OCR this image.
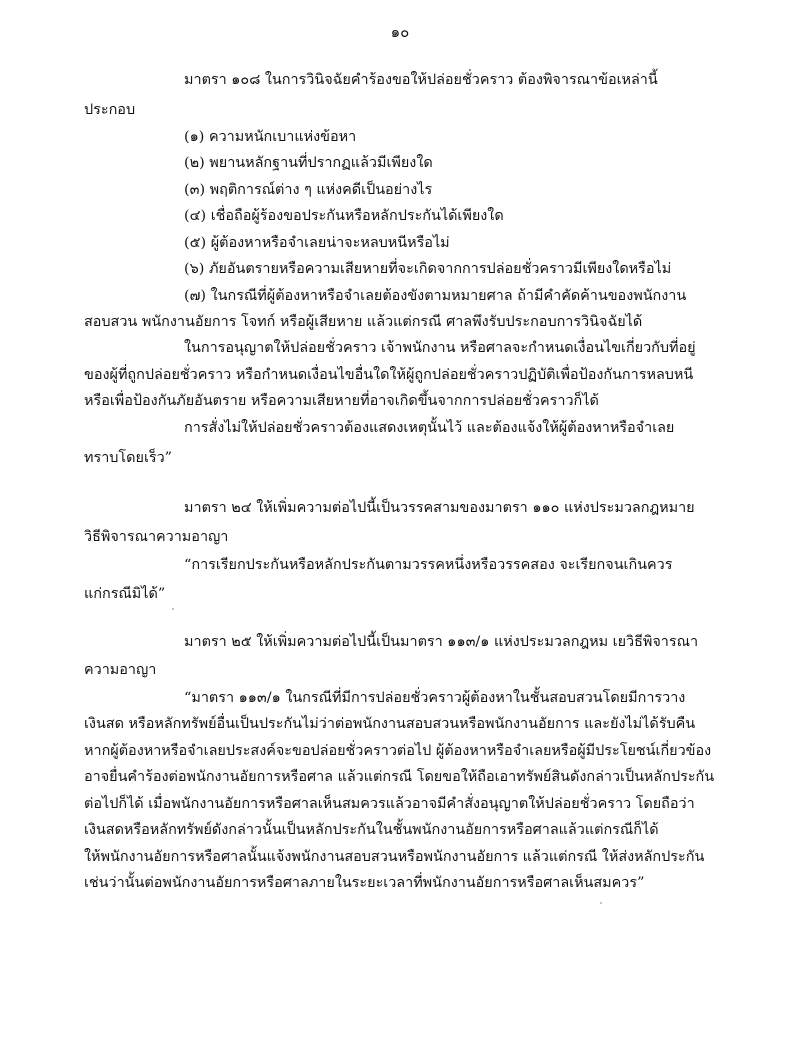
๑๐
มาตรา ๑๐๘ ในการวินิจฉัยคำร้องขอให้ปล่อยชั่วคราว ต้องพิจารณาข้อเหล่านี้
ประกอบ
(๑) ความหนักเบาแห่งข้อหา
(๒) พยานหลักฐานที่ปรากฏแล้วมีเพียงใด
(๓) พฤติการณ์ต่าง ๆ แห่งคดีเป็นอย่างไร
(๔) เชื่อถือผู้ร้องขอประกันหรือหลักประกันได้เพียงใด
(๕) ผู้ต้องหาหรือจำเลยน่าจะหลบหนีหรือไม่
(๖) ภัยอันตรายหรือความเสียหายที่จะเกิดจากการปล่อยชั่วคราวมีเพียงใดหรือไม่
(๗) ในกรณีที่ผู้ต้องหาหรือจำเลยต้องขังตามหมายศาล ถ้ามีคำคัดค้านของพนักงาน
สอบสวน พนักงานอัยการ โจทก์ หรือผู้เสียหาย แล้วแต่กรณี ศาลพึงรับประกอบการวินิจฉัยได้
ในการอนุญาตให้ปล่อยชั่วคราว เจ้าพนักงาน หรือศาลจะกำหนดเงื่อนไขเกี่ยวกับที่อยู่
ของผู้ที่ถูกปล่อยชั่วคราว หรือกำหนดเงื่อนไขอื่นใดให้ผู้ถูกปล่อยชั่วคราวปฏิบัติเพื่อป้องกันการหลบหนี
หรือเพื่อป้องกันภัยอันตราย หรือความเสียหายที่อาจเกิดขึ้นจากการปล่อยชั่วคราวก็ได้
การสั่งไม่ให้ปล่อยชั่วคราวต้องแสดงเหตุนั้นไว้ และต้องแจ้งให้ผู้ต้องหาหรือจำเลย
ทราบโดยเร็ว”
มาตรา ๒๔ ให้เพิ่มความต่อไปนี้เป็นวรรคสามของมาตรา ๑๑๐ แห่งประมวลกฎหมาย
วิธีพิจารณาความอาญา
“การเรียกประกันหรือหลักประกันตามวรรคหนึ่งหรือวรรคสอง จะเรียกจนเกินควร
แก่กรณีมิได้”
มาตรา ๒๕ ให้เพิ่มความต่อไปนี้เป็นมาตรา ๑๑๓/๑ แห่งประมวลกฎหม เยวิธีพิจารณา
ความอาญา
“มาตรา ๑๑๓/๑ ในกรณีที่มีการปล่อยชั่วคราวผู้ต้องหาในชั้นสอบสวนโดยมีการวาง
เงินสด หรือหลักทรัพย์อื่นเป็นประกันไม่ว่าต่อพนักงานสอบสวนหรือพนักงานอัยการ และยังไม่ได้รับคืน
หากผู้ต้องหาหรือจำเลยประสงค์จะขอปล่อยชั่วคราวต่อไป ผู้ต้องหาหรือจำเลยหรือผู้มีประโยชน์เกี่ยวข้อง
อาจยื่นคำร้องต่อพนักงานอัยการหรือศาล แล้วแต่กรณี โดยขอให้ถือเอาทรัพย์สินดังกล่าวเป็นหลักประกัน
ต่อไปก็ได้ เมื่อพนักงานอัยการหรือศาลเห็นสมควรแล้วอาจมีคำสั่งอนุญาตให้ปล่อยชั่วคราว โดยถือว่า
เงินสดหรือหลักทรัพย์ดังกล่าวนั้นเป็นหลักประกันในชั้นพนักงานอัยการหรือศาลแล้วแต่กรณีก็ได้
ให้พนักงานอัยการหรือศาลนั้นแจ้งพนักงานสอบสวนหรือพนักงานอัยการ แล้วแต่กรณี ให้ส่งหลักประกัน
เช่นว่านั้นต่อพนักงานอัยการหรือศาลภายในระยะเวลาที่พนักงานอัยการหรือศาลเห็นสมควร”
